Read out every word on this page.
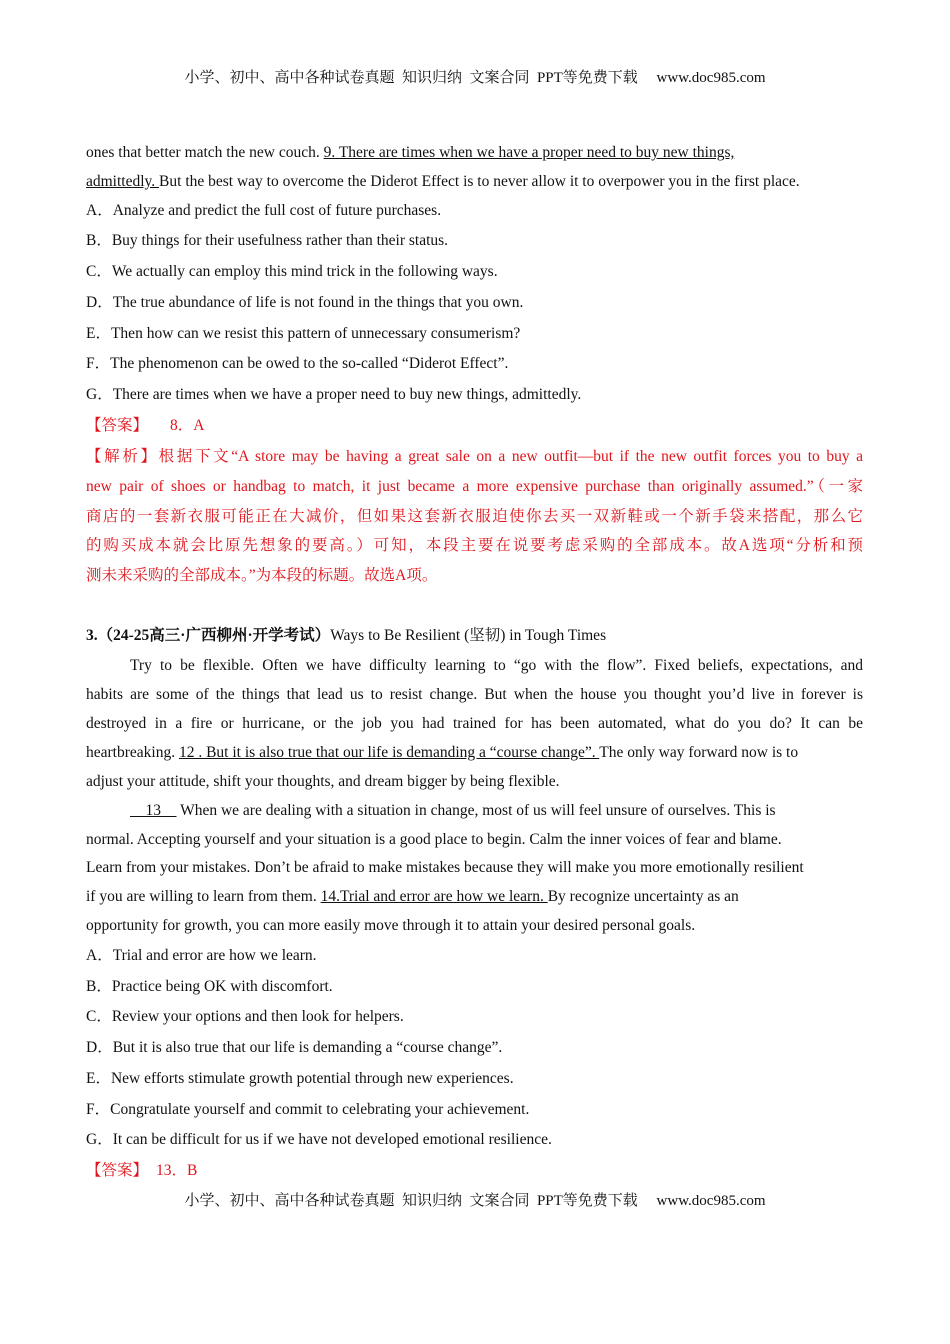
小学、初中、高中各种试卷真题  知识归纳  文案合同  PPT等免费下载     www.doc985.com
ones that better match the new couch. 9. There are times when we have a proper need to buy new things,
admittedly. But the best way to overcome the Diderot Effect is to never allow it to overpower you in the first place.
A．Analyze and predict the full cost of future purchases.
B．Buy things for their usefulness rather than their status.
C．We actually can employ this mind trick in the following ways.
D．The true abundance of life is not found in the things that you own.
E．Then how can we resist this pattern of unnecessary consumerism?
F．The phenomenon can be owed to the so-called “Diderot Effect”.
G．There are times when we have a proper need to buy new things, admittedly.
【答案】 8．A
【解析】根据下文“A store may be having a great sale on a new outfit—but if the new outfit forces you to buy a
new pair of shoes or handbag to match, it just became a more expensive purchase than originally assumed.”（一家
商店的一套新衣服可能正在大减价，但如果这套新衣服迫使你去买一双新鞋或一个新手袋来搭配，那么它
的购买成本就会比原先想象的要高。）可知，本段主要在说要考虑采购的全部成本。故A选项“分析和预
测未来采购的全部成本。”为本段的标题。故选A项。
3.（24-25高三·广西柳州·开学考试）Ways to Be Resilient (坚韧) in Tough Times
Try to be flexible. Often we have difficulty learning to “go with the flow”. Fixed beliefs, expectations, and
habits are some of the things that lead us to resist change. But when the house you thought you’d live in forever is
destroyed in a fire or hurricane, or the job you had trained for has been automated, what do you do? It can be
heartbreaking. 12 . But it is also true that our life is demanding a “course change”. The only way forward now is to
adjust your attitude, shift your thoughts, and dream bigger by being flexible.
13     When we are dealing with a situation in change, most of us will feel unsure of ourselves. This is
normal. Accepting yourself and your situation is a good place to begin. Calm the inner voices of fear and blame.
Learn from your mistakes. Don’t be afraid to make mistakes because they will make you more emotionally resilient
if you are willing to learn from them. 14.Trial and error are how we learn. By recognize uncertainty as an
opportunity for growth, you can more easily move through it to attain your desired personal goals.
A．Trial and error are how we learn.
B．Practice being OK with discomfort.
C．Review your options and then look for helpers.
D．But it is also true that our life is demanding a “course change”.
E．New efforts stimulate growth potential through new experiences.
F．Congratulate yourself and commit to celebrating your achievement.
G．It can be difficult for us if we have not developed emotional resilience.
【答案】 13．B
小学、初中、高中各种试卷真题  知识归纳  文案合同  PPT等免费下载     www.doc985.com
